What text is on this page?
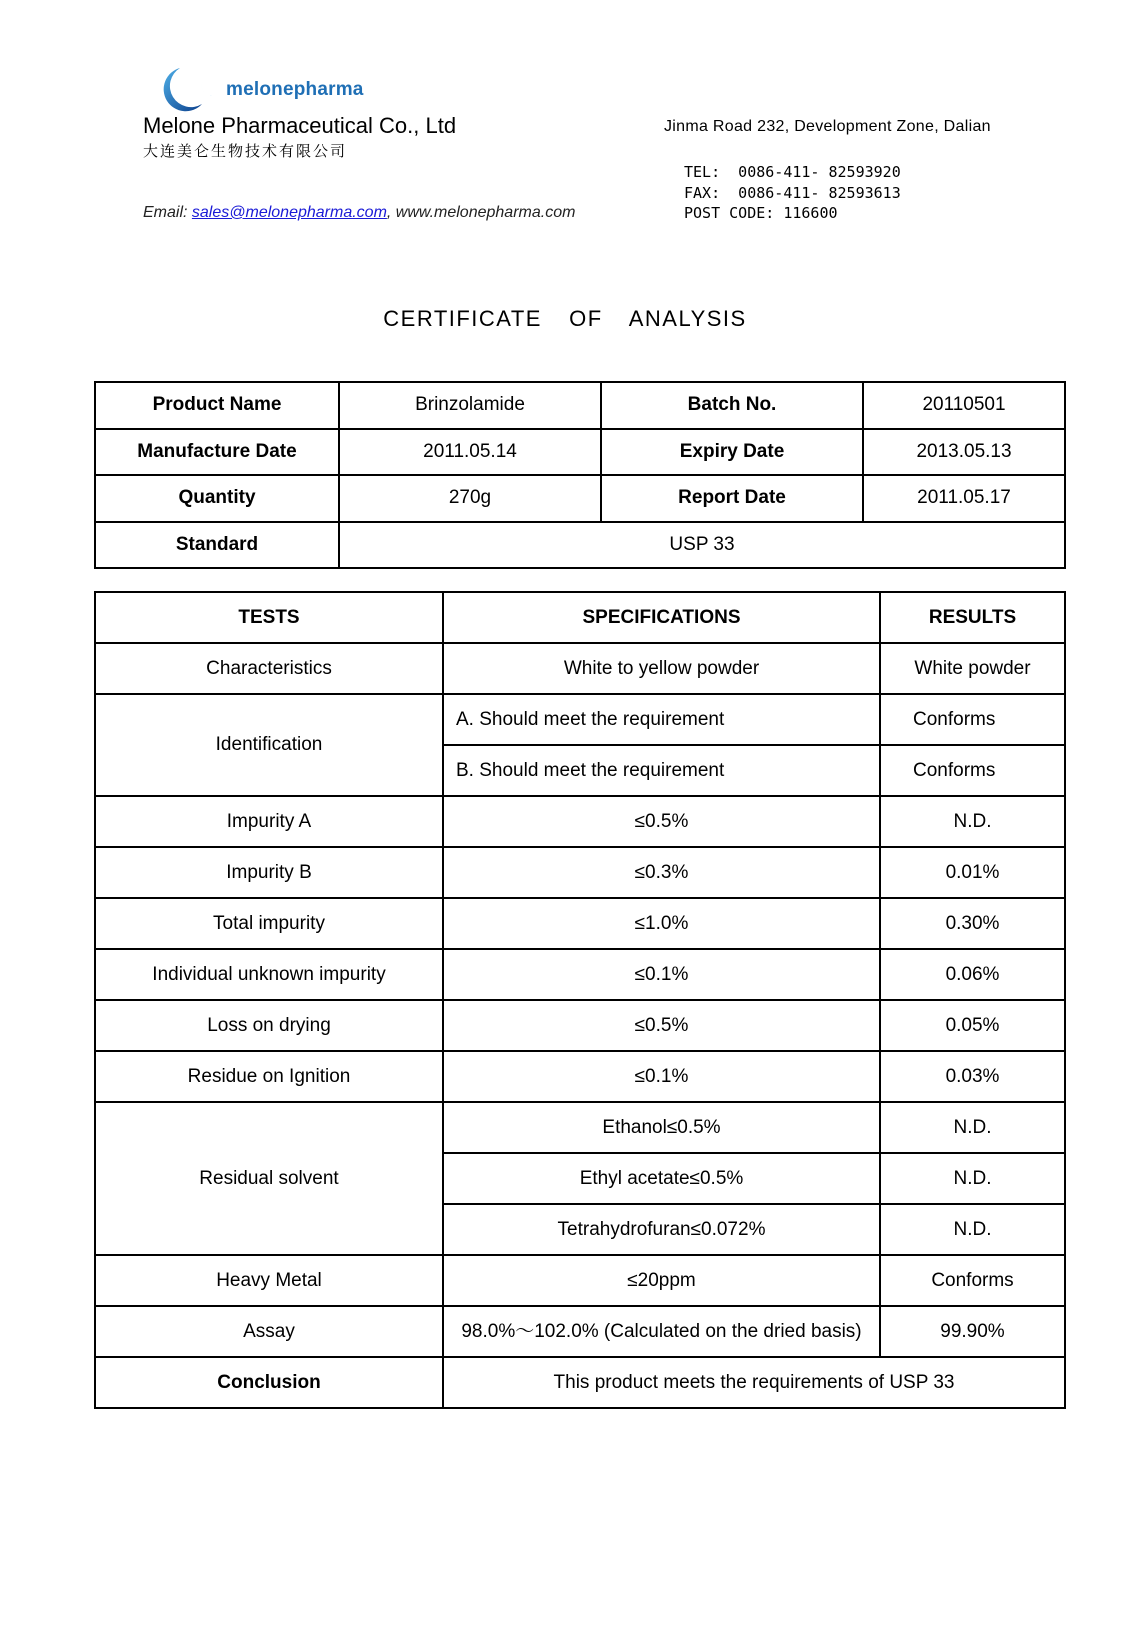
melonepharma
Melone Pharmaceutical Co., Ltd
大连美仑生物技术有限公司
Email: sales@melonepharma.com, www.melonepharma.com
Jinma Road 232, Development Zone, Dalian
TEL:  0086-411- 82593920
FAX:  0086-411- 82593613
POST CODE: 116600
CERTIFICATE  OF  ANALYSIS
Product Name	Brinzolamide	Batch No.	20110501
Manufacture Date	2011.05.14	Expiry Date	2013.05.13
Quantity	270g	Report Date	2011.05.17
Standard	USP 33		
TESTS	SPECIFICATIONS	RESULTS
Characteristics	White to yellow powder	White powder
Identification	A. Should meet the requirement	Conforms
	B. Should meet the requirement	Conforms
Impurity A	≤0.5%	N.D.
Impurity B	≤0.3%	0.01%
Total impurity	≤1.0%	0.30%
Individual unknown impurity	≤0.1%	0.06%
Loss on drying	≤0.5%	0.05%
Residue on Ignition	≤0.1%	0.03%
Residual solvent	Ethanol≤0.5%	N.D.
	Ethyl acetate≤0.5%	N.D.
	Tetrahydrofuran≤0.072%	N.D.
Heavy Metal	≤20ppm	Conforms
Assay	98.0%～102.0% (Calculated on the dried basis)	99.90%
Conclusion	This product meets the requirements of USP 33	
